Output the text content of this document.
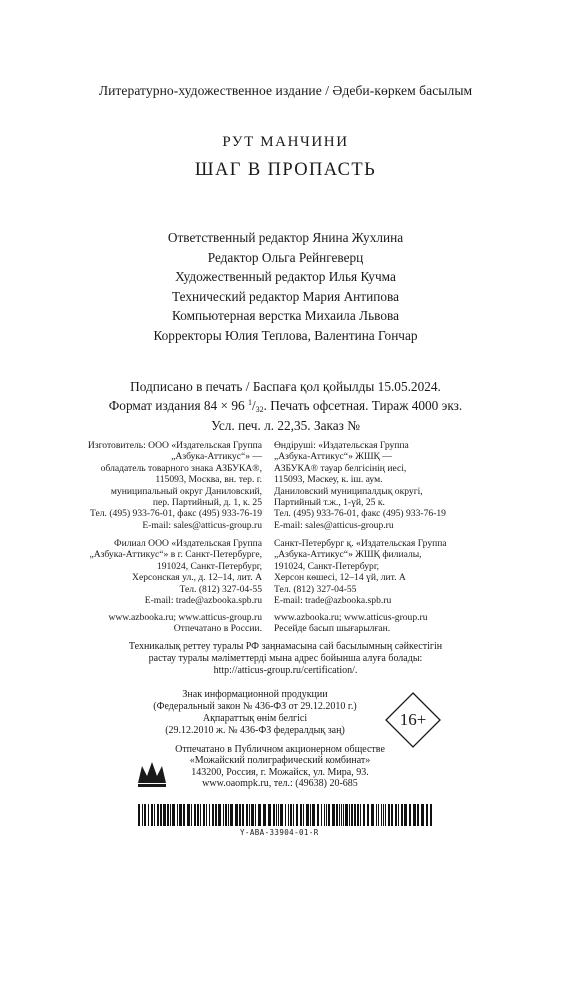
Литературно-художественное издание / Әдеби-көркем басылым
РУТ МАНЧИНИ
ШАГ В ПРОПАСТЬ
Ответственный редактор Янина Жухлина
Редактор Ольга Рейнгеверц
Художественный редактор Илья Кучма
Технический редактор Мария Антипова
Компьютерная верстка Михаила Львова
Корректоры Юлия Теплова, Валентина Гончар
Подписано в печать / Баспаға қол қойылды 15.05.2024.
Формат издания 84 × 96 $^1/_{32}$. Печать офсетная. Тираж 4000 экз.
Усл. печ. л. 22,35. Заказ №
Изготовитель: ООО «Издательская Группа
„Азбука-Аттикус“» —
обладатель товарного знака АЗБУКА®,
115093, Москва, вн. тер. г.
муниципальный округ Даниловский,
пер. Партийный, д. 1, к. 25
Тел. (495) 933-76-01, факс (495) 933-76-19
E-mail: sales@atticus-group.ru
Өндіруші: «Издательская Группа
„Азбука-Аттикус“» ЖШҚ —
АЗБУКА® тауар белгісінің иесі,
115093, Мәскеу, к. іш. аум.
Даниловский муниципалдық округі,
Партийный т.ж., 1-үй, 25 к.
Тел. (495) 933-76-01, факс (495) 933-76-19
E-mail: sales@atticus-group.ru
Филиал ООО «Издательская Группа
„Азбука-Аттикус“» в г. Санкт-Петербурге,
191024, Санкт-Петербург,
Херсонская ул., д. 12–14, лит. А
Тел. (812) 327-04-55
E-mail: trade@azbooka.spb.ru
Санкт-Петербург қ. «Издательская Группа
„Азбука-Аттикус“» ЖШҚ филиалы,
191024, Санкт-Петербург,
Херсон көшесі, 12–14 үй, лит. А
Тел. (812) 327-04-55
E-mail: trade@azbooka.spb.ru
www.azbooka.ru; www.atticus-group.ru
Отпечатано в России.
www.azbooka.ru; www.atticus-group.ru
Ресейде басып шығарылған.
Техникалық реттеу туралы РФ заңнамасына сай басылымның сәйкестігін
растау туралы мәліметтерді мына адрес бойынша алуға болады:
http://atticus-group.ru/certification/.
Знак информационной продукции
(Федеральный закон № 436-ФЗ от 29.12.2010 г.)
Ақпараттық өнім белгісі
(29.12.2010 ж. № 436-ФЗ федералдық заң)
16+
Отпечатано в Публичном акционерном обществе
«Можайский полиграфический комбинат»
143200, Россия, г. Можайск, ул. Мира, 93.
www.oaompk.ru, тел.: (49638) 20-685
Y-ABA-33904-01-R
